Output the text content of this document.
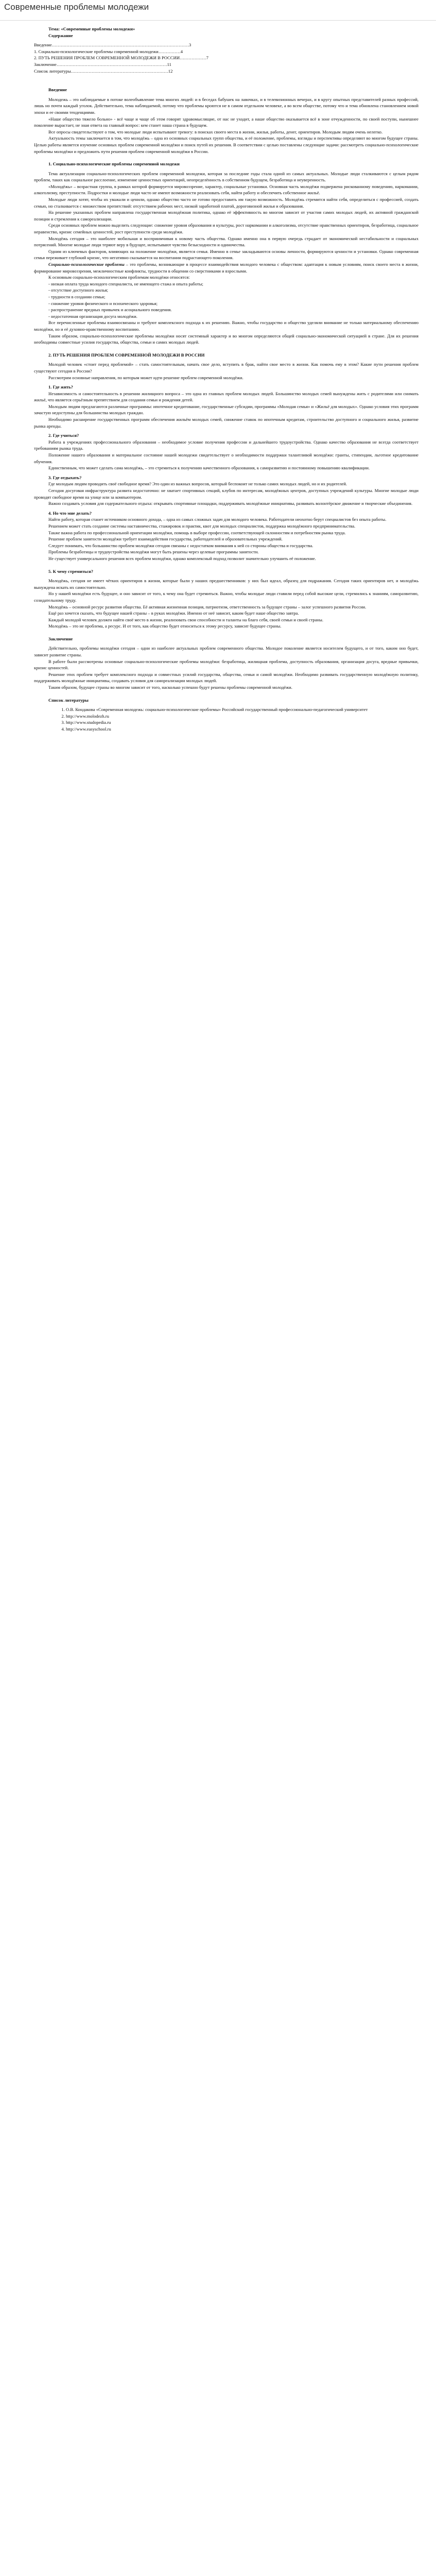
Современные проблемы молодежи

Тема: «Современные проблемы молодежи»

Содержание

Введение ………………………………………………………………………………… 3
1. Социально-психологические проблемы современной молодежи …………… 4
2. ПУТЬ РЕШЕНИЯ ПРОБЛЕМ СОВРЕМЕННОЙ МОЛОДЕЖИ В РОССИИ ……………… 7
Заключение ………………………………………………………………… 11
Список литературы ………………………………………………………… 12

Введение

Молодежь – это наблюдаемые в потоке волеобъявление тема многих людей: и в беседах бабушек на лавочках, и в телевизионных вечерах, и в кругу опытных представителей разных профессий, лишь но почти каждый уголок. Действительно, тема наблюдаемой, потому что проблемы кроются не в самом отдельном человеке, а во всем обществе, потому что и тема обновлена становлением новой эпохи и ее своими тенденциями.

«Наше общество тяжело больно» - всё чаще и чаще об этом говорят здравомыслящие, от нас не уходит, а наше общество оказывается всё в зоне отчужденности, по своей поступи, нынешнее поколение вырастает, не зная ответа на главный вопрос: кем станет наша страна в будущем.

Все опросы свидетельствуют о том, что молодые люди испытывают тревогу: в поисках своего места в жизни, жилья, работы, денег, ориентиров. Молодым людям очень нелегко.

Актуальность темы заключается в том, что молодёжь – одна из основных социальных групп общества, и её положение, проблемы, взгляды и перспективы определяют во многом будущее страны. Целью работы является изучение основных проблем современной молодёжи и поиск путей их решения. В соответствии с целью поставлены следующие задачи: рассмотреть социально-психологические проблемы молодёжи и предложить пути решения проблем современной молодёжи в России.

1. Социально-психологические проблемы современной молодежи

Тема актуализации социально-психологических проблем современной молодежи, которая за последние годы стала одной из самых актуальных. Молодые люди сталкиваются с целым рядом проблем, таких как социальное расслоение, изменение ценностных ориентаций, неопределённость в собственном будущем, безработица и неуверенность.

«Молодёжь» – возрастная группа, в рамках которой формируется мировоззрение, характер, социальные установки. Основная часть молодёжи подвержена рискованному поведению, наркомании, алкоголизму, преступности. Подростки и молодые люди часто не имеют возможности реализовать себя, найти работу и обеспечить собственное жильё.

Молодые люди хотят, чтобы их уважали и ценили, однако общество часто не готово предоставить им такую возможность. Молодёжь стремится найти себя, определиться с профессией, создать семью, но сталкивается с множеством препятствий: отсутствием рабочих мест, низкой заработной платой, дороговизной жилья и образования.

На решение указанных проблем направлена государственная молодёжная политика, однако её эффективность во многом зависит от участия самих молодых людей, их активной гражданской позиции и стремления к самореализации.

Среди основных проблем можно выделить следующие: снижение уровня образования и культуры, рост наркомании и алкоголизма, отсутствие нравственных ориентиров, безработица, социальное неравенство, кризис семейных ценностей, рост преступности среди молодёжи.

Молодёжь сегодня – это наиболее мобильная и восприимчивая к новому часть общества. Однако именно она в первую очередь страдает от экономической нестабильности и социальных потрясений. Многие молодые люди теряют веру в будущее, испытывают чувство безысходности и одиночества.

Одним из ключевых факторов, влияющих на положение молодёжи, является семья. Именно в семье закладываются основы личности, формируются ценности и установки. Однако современная семья переживает глубокий кризис, что негативно сказывается на воспитании подрастающего поколения.

Социально-психологические проблемы – это проблемы, возникающие в процессе взаимодействия молодого человека с обществом: адаптация к новым условиям, поиск своего места в жизни, формирование мировоззрения, межличностные конфликты, трудности в общении со сверстниками и взрослыми.

К основным социально-психологическим проблемам молодёжи относятся:

- низкая оплата труда молодого специалиста, не имеющего стажа и опыта работы;

- отсутствие доступного жилья;

- трудности в создании семьи;

- снижение уровня физического и психического здоровья;

- распространение вредных привычек и асоциального поведения.

- недостаточная организация досуга молодёжи.

Все перечисленные проблемы взаимосвязаны и требуют комплексного подхода к их решению. Важно, чтобы государство и общество уделяли внимание не только материальному обеспечению молодёжи, но и её духовно-нравственному воспитанию.

Таким образом, социально-психологические проблемы молодёжи носят системный характер и во многом определяются общей социально-экономической ситуацией в стране. Для их решения необходимы совместные усилия государства, общества, семьи и самих молодых людей.

2. ПУТЬ РЕШЕНИЯ ПРОБЛЕМ СОВРЕМЕННОЙ МОЛОДЕЖИ В РОССИИ

Молодой человек «стоит перед проблемой» – стать самостоятельным, начать свое дело, вступить в брак, найти свое место в жизни. Как помочь ему в этом? Какие пути решения проблем существуют сегодня в России?

Рассмотрим основные направления, по которым может идти решение проблем современной молодёжи.

1. Где жить?

Независимость и самостоятельность в решении жилищного вопроса – это одна из главных проблем молодых людей. Большинство молодых семей вынуждены жить с родителями или снимать жильё, что является серьёзным препятствием для создания семьи и рождения детей.

Молодым людям предлагаются различные программы: ипотечное кредитование, государственные субсидии, программы «Молодая семья» и «Жильё для молодых». Однако условия этих программ зачастую недоступны для большинства молодых граждан.

Необходимо расширение государственных программ обеспечения жильём молодых семей, снижение ставок по ипотечным кредитам, строительство доступного и социального жилья, развитие рынка аренды.

2. Где учиться?

Работа в учреждениях профессионального образования – необходимое условие получения профессии и дальнейшего трудоустройства. Однако качество образования не всегда соответствует требованиям рынка труда.

Положение нашего образования и материальное состояние нашей молодежи свидетельствует о необходимости поддержки талантливой молодёжи: гранты, стипендии, льготное кредитование обучения.

Единственным, что может сделать сама молодёжь, – это стремиться к получению качественного образования, к саморазвитию и постоянному повышению квалификации.

3. Где отдыхать?

Где молодым людям проводить своё свободное время? Это один из важных вопросов, который беспокоит не только самих молодых людей, но и их родителей.

Сегодня досуговая инфраструктура развита недостаточно: не хватает спортивных секций, клубов по интересам, молодёжных центров, доступных учреждений культуры. Многие молодые люди проводят свободное время на улице или за компьютером.

Важно создавать условия для содержательного отдыха: открывать спортивные площадки, поддерживать молодёжные инициативы, развивать волонтёрское движение и творческие объединения.

4. Но что мне делать?

Найти работу, которая станет источником основного дохода, – одна из самых сложных задач для молодого человека. Работодатели неохотно берут специалистов без опыта работы.

Решением может стать создание системы наставничества, стажировок и практик, квот для молодых специалистов, поддержка молодёжного предпринимательства.

Также важна работа по профессиональной ориентации молодёжи, помощь в выборе профессии, соответствующей склонностям и потребностям рынка труда.

Решение проблем занятости молодёжи требует взаимодействия государства, работодателей и образовательных учреждений.

Следует понимать, что большинство проблем молодёжи сегодня связаны с недостатком внимания к ней со стороны общества и государства.

Проблемы безработицы и трудоустройства молодёжи могут быть решены через целевые программы занятости.

Не существует универсального решения всех проблем молодёжи, однако комплексный подход позволит значительно улучшить её положение.

5. К чему стремиться?

Молодёжь, сегодня не имеет чётких ориентиров в жизни, которые были у наших предшественников: у них был идеал, образец для подражания. Сегодня таких ориентиров нет, и молодёжь вынуждена искать их самостоятельно.

Но у нашей молодёжи есть будущее, и оно зависит от того, к чему она будет стремиться. Важно, чтобы молодые люди ставили перед собой высокие цели, стремились к знаниям, саморазвитию, созидательному труду.

Молодёжь – основной ресурс развития общества. Её активная жизненная позиция, патриотизм, ответственность за будущее страны – залог успешного развития России.

Ещё раз хочется сказать, что будущее нашей страны – в руках молодёжи. Именно от неё зависит, каким будет наше общество завтра.

Каждый молодой человек должен найти своё место в жизни, реализовать свои способности и таланты на благо себя, своей семьи и своей страны.

Молодёжь – это не проблема, а ресурс. И от того, как общество будет относиться к этому ресурсу, зависит будущее страны.

Заключение

Действительно, проблемы молодёжи сегодня – одни из наиболее актуальных проблем современного общества. Молодое поколение является носителем будущего, и от того, каким оно будет, зависит развитие страны.

В работе были рассмотрены основные социально-психологические проблемы молодёжи: безработица, жилищная проблема, доступность образования, организация досуга, вредные привычки, кризис ценностей.

Решение этих проблем требует комплексного подхода и совместных усилий государства, общества, семьи и самой молодёжи. Необходимо развивать государственную молодёжную политику, поддерживать молодёжные инициативы, создавать условия для самореализации молодых людей.

Таким образом, будущее страны во многом зависит от того, насколько успешно будут решены проблемы современной молодёжи.

Список литературы

1. О.В. Кондакова «Современная молодежь: социально-психологические проблемы» Российский государственный профессионально-педагогический университет
2. http://www.molodezh.ru
3. http://www.studopedia.ru
4. http://www.easyschool.ru
